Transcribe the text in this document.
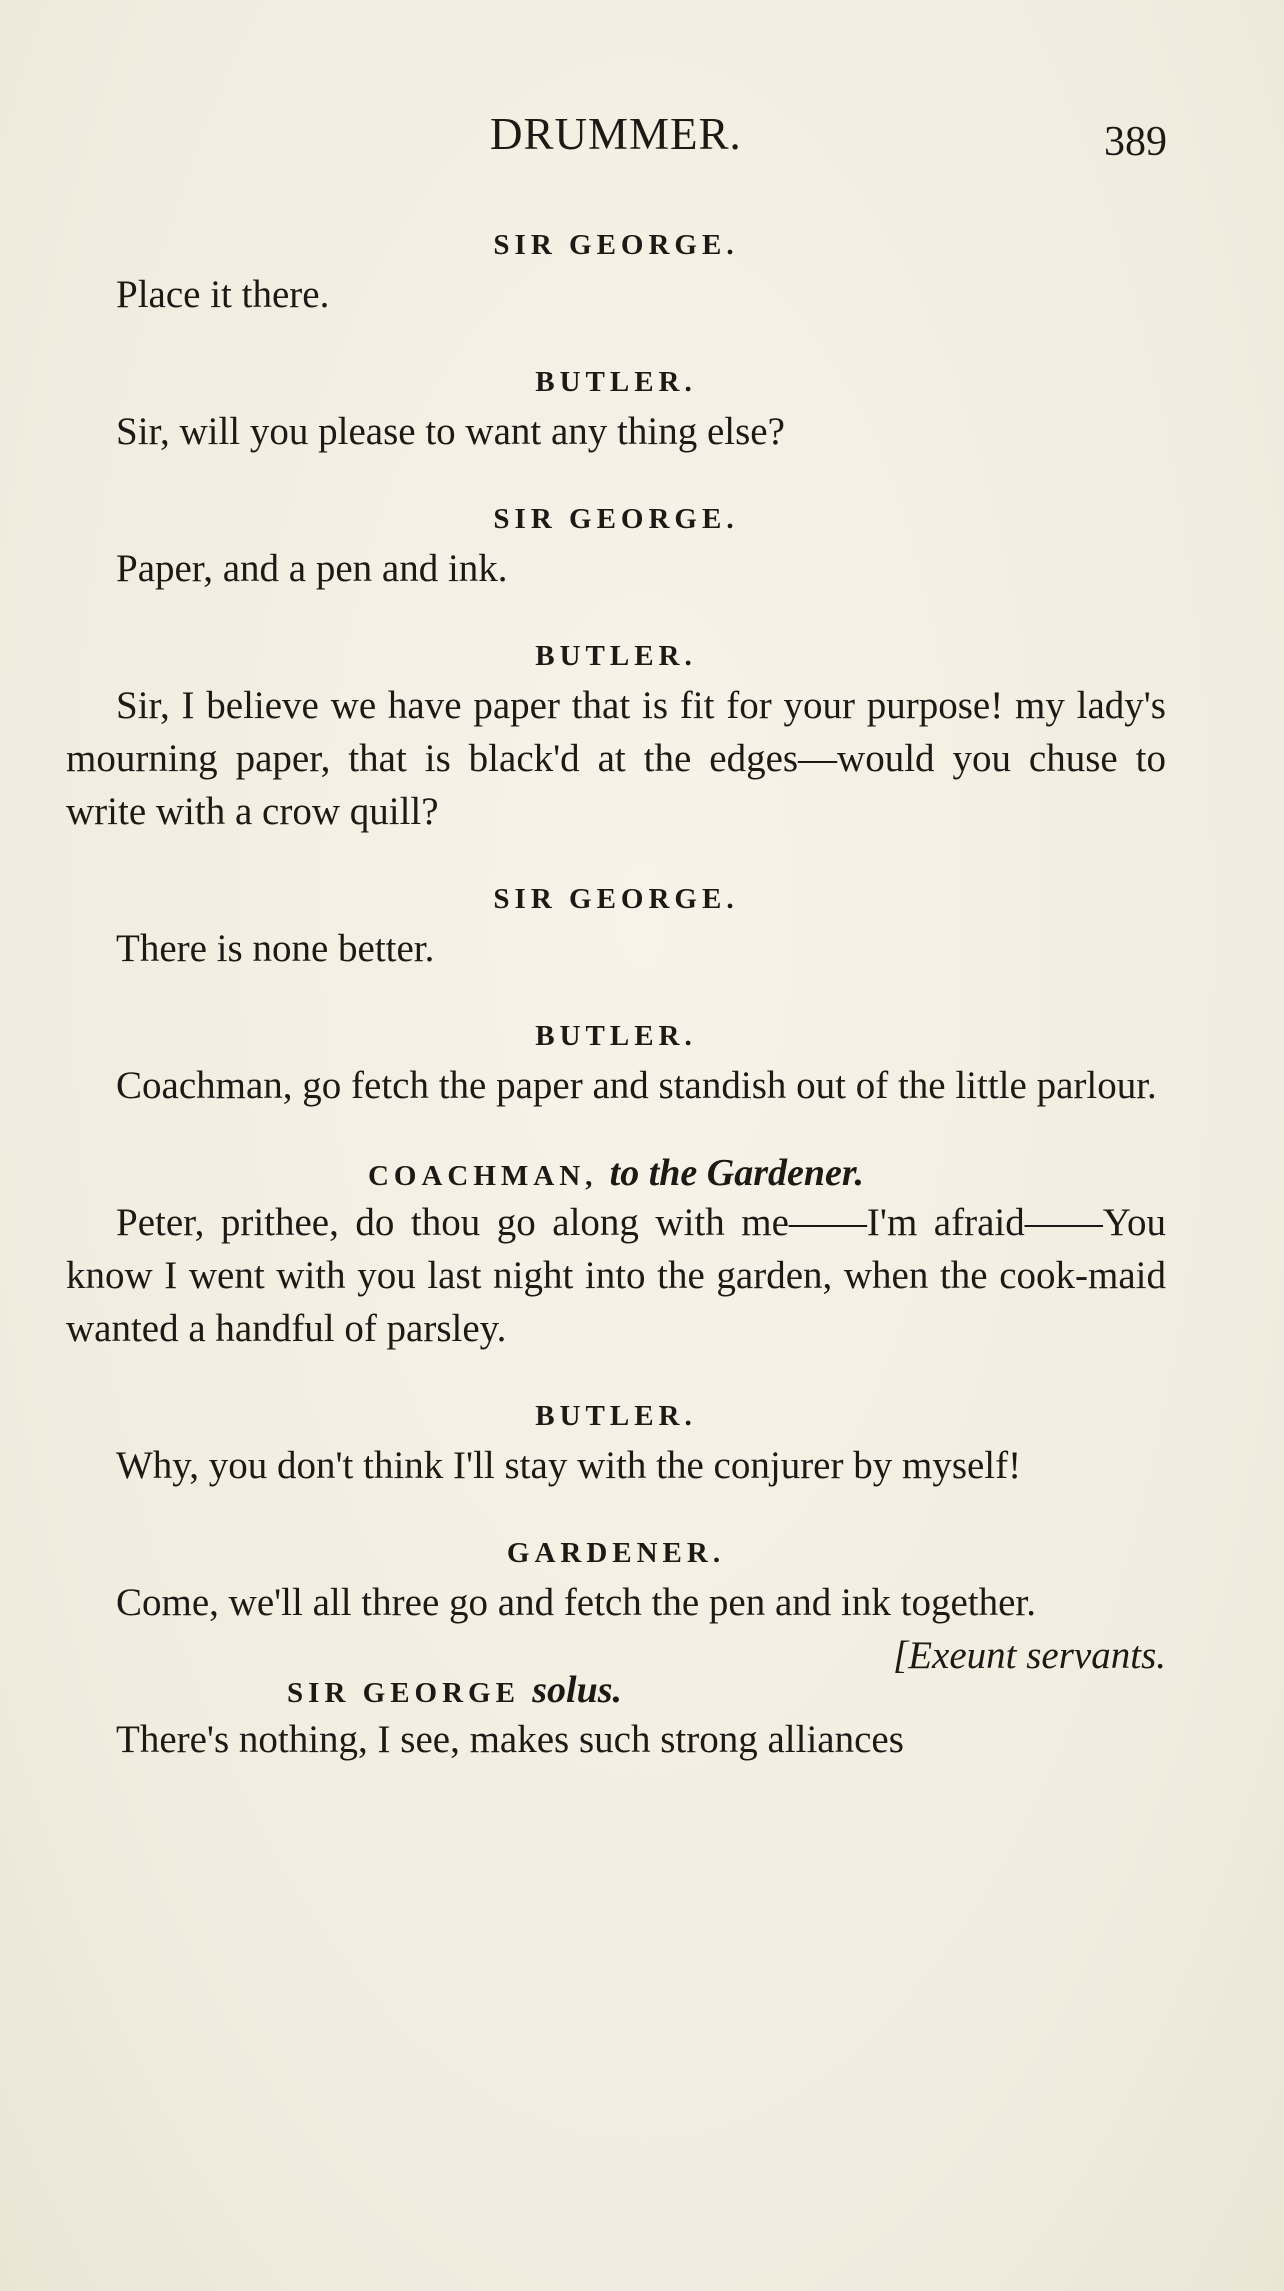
DRUMMER.	389

SIR GEORGE.

Place it there.

BUTLER.

Sir, will you please to want any thing else?

SIR GEORGE.

Paper, and a pen and ink.

BUTLER.

Sir, I believe we have paper that is fit for your purpose! my lady's mourning paper, that is black'd at the edges—would you chuse to write with a crow quill?

SIR GEORGE.

There is none better.

BUTLER.

Coachman, go fetch the paper and standish out of the little parlour.

COACHMAN, to the Gardener.

Peter, prithee, do thou go along with me——I'm afraid——You know I went with you last night into the garden, when the cook-maid wanted a handful of parsley.

BUTLER.

Why, you don't think I'll stay with the conjurer by myself!

GARDENER.

Come, we'll all three go and fetch the pen and ink together.
[Exeunt servants.

SIR GEORGE solus.

There's nothing, I see, makes such strong alliances
